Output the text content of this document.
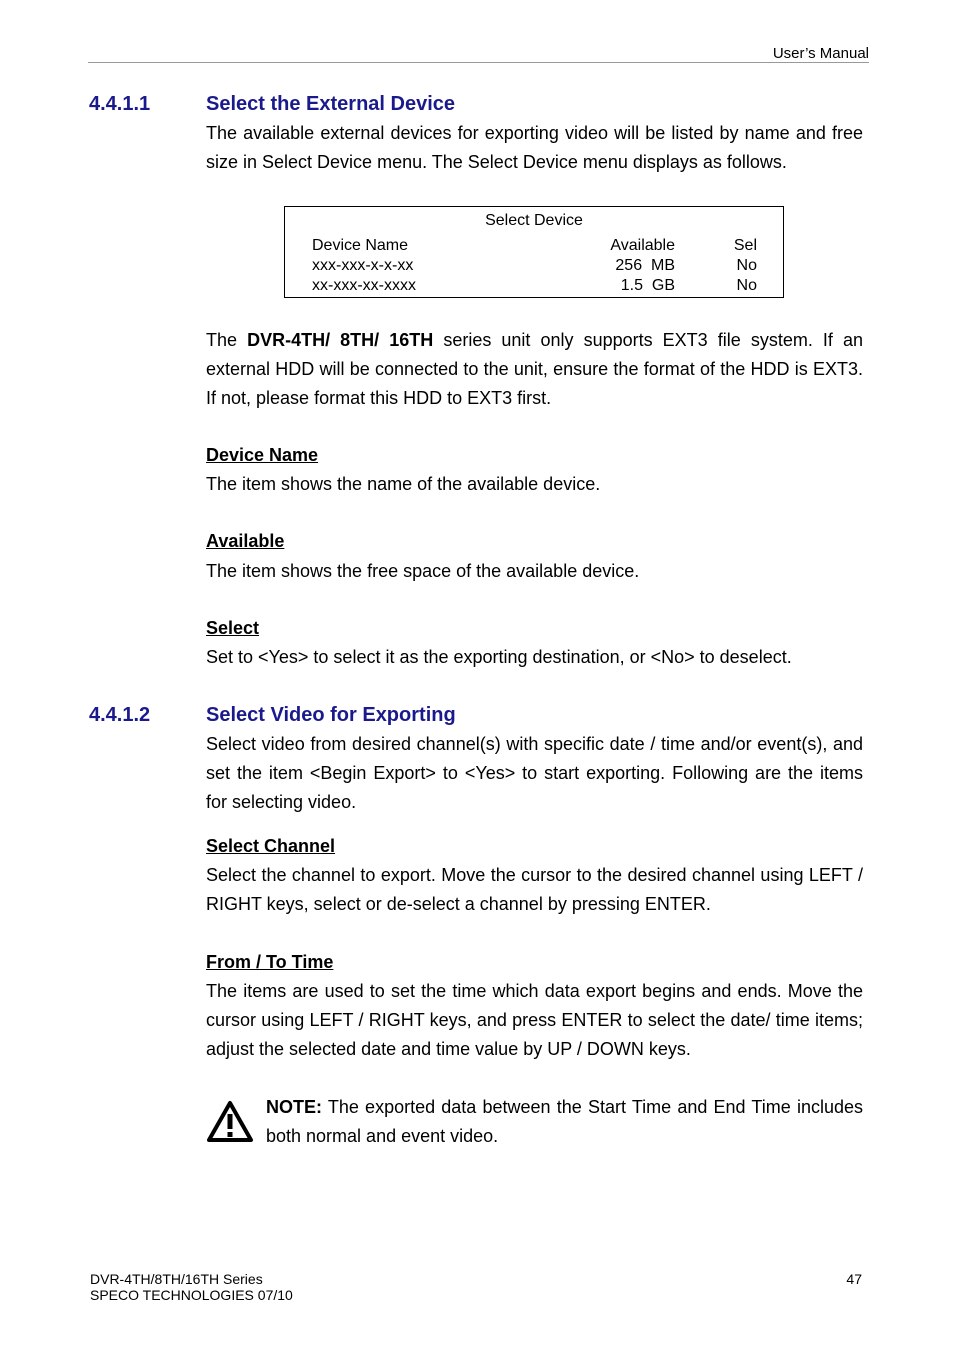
User’s Manual
4.4.1.1	Select the External Device
The available external devices for exporting video will be listed by name and free size in Select Device menu. The Select Device menu displays as follows.
Select Device
Device Name	Available	Sel
xxx-xxx-x-x-xx	256  MB	No
xx-xxx-xx-xxxx	1.5  GB	No
The DVR-4TH/ 8TH/ 16TH series unit only supports EXT3 file system. If an external HDD will be connected to the unit, ensure the format of the HDD is EXT3. If not, please format this HDD to EXT3 first.
Device Name
The item shows the name of the available device.
Available
The item shows the free space of the available device.
Select
Set to <Yes> to select it as the exporting destination, or <No> to deselect.
4.4.1.2	Select Video for Exporting
Select video from desired channel(s) with specific date / time and/or event(s), and set the item <Begin Export> to <Yes> to start exporting. Following are the items for selecting video.
Select Channel
Select the channel to export. Move the cursor to the desired channel using LEFT / RIGHT keys, select or de-select a channel by pressing ENTER.
From / To Time
The items are used to set the time which data export begins and ends. Move the cursor using LEFT / RIGHT keys, and press ENTER to select the date/ time items; adjust the selected date and time value by UP / DOWN keys.
NOTE: The exported data between the Start Time and End Time includes both normal and event video.
DVR-4TH/8TH/16TH Series
SPECO TECHNOLOGIES 07/10
47
